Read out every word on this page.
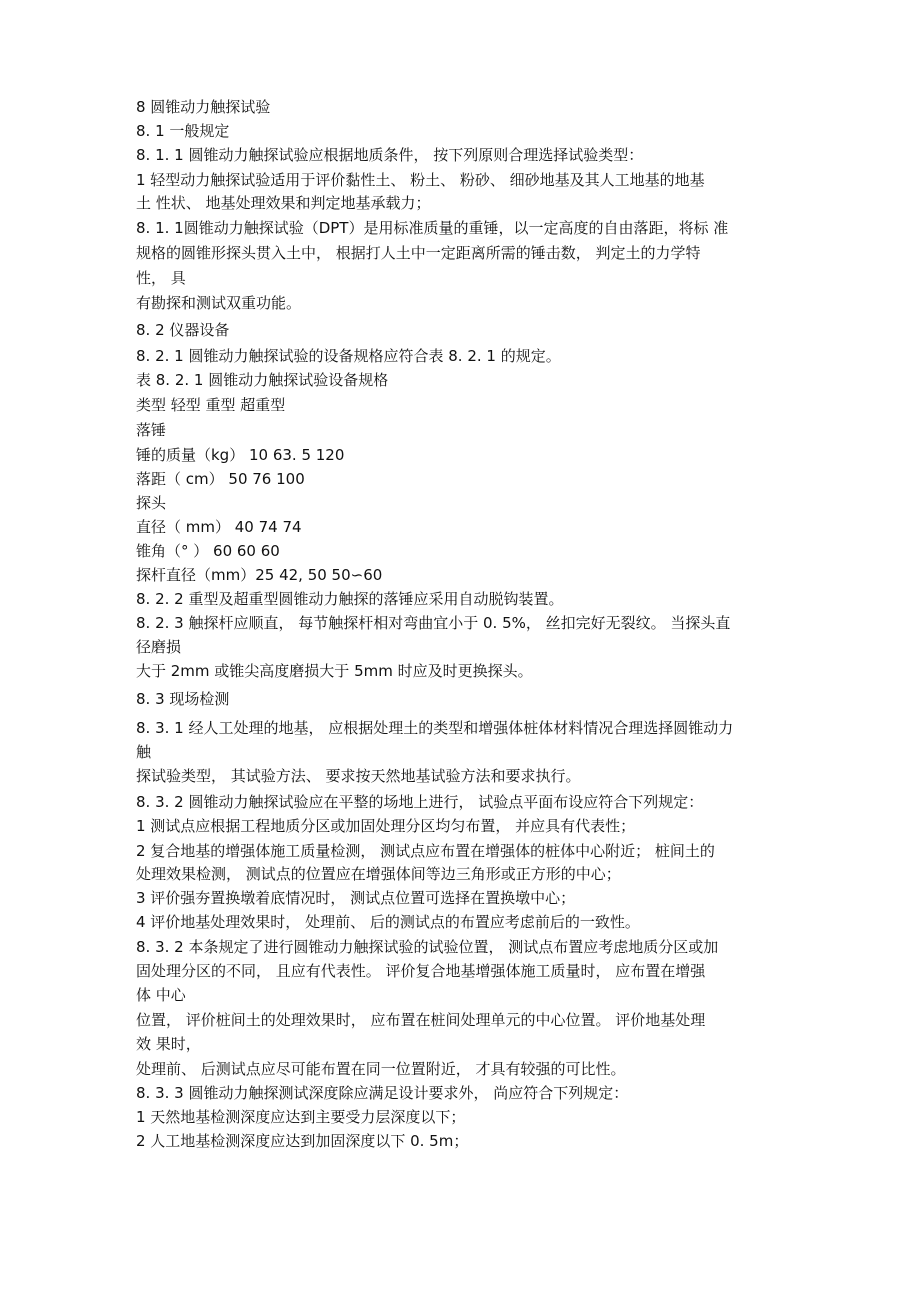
8 圆锥动力触探试验
8. 1 一般规定
8. 1. 1 圆锥动力触探试验应根据地质条件， 按下列原则合理选择试验类型：
1 轻型动力触探试验适用于评价黏性土、 粉土、 粉砂、 细砂地基及其人工地基的地基
土 性状、 地基处理效果和判定地基承载力；
8. 1. 1圆锥动力触探试验（DPT）是用标准质量的重锤，以一定高度的自由落距，将标 准
规格的圆锥形探头贯入土中， 根据打人土中一定距离所需的锤击数， 判定土的力学特
性， 具
有勘探和测试双重功能。
8. 2 仪器设备
8. 2. 1 圆锥动力触探试验的设备规格应符合表 8. 2. 1 的规定。
表 8. 2. 1 圆锥动力触探试验设备规格
类型 轻型 重型 超重型
落锤
锤的质量（kg） 10 63. 5 120
落距（ cm） 50 76 100
探头
直径（ mm） 40 74 74
锥角（° ） 60 60 60
探杆直径（mm）25 42, 50 50∽60
8. 2. 2 重型及超重型圆锥动力触探的落锤应采用自动脱钩装置。
8. 2. 3 触探杆应顺直， 每节触探杆相对弯曲宜小于 0. 5%， 丝扣完好无裂纹。 当探头直
径磨损
大于 2mm 或锥尖高度磨损大于 5mm 时应及时更换探头。
8. 3 现场检测
8. 3. 1 经人工处理的地基， 应根据处理土的类型和增强体桩体材料情况合理选择圆锥动力
触
探试验类型， 其试验方法、 要求按天然地基试验方法和要求执行。
8. 3. 2 圆锥动力触探试验应在平整的场地上进行， 试验点平面布设应符合下列规定：
1 测试点应根据工程地质分区或加固处理分区均匀布置， 并应具有代表性；
2 复合地基的增强体施工质量检测， 测试点应布置在增强体的桩体中心附近； 桩间土的
处理效果检测， 测试点的位置应在增强体间等边三角形或正方形的中心；
3 评价强夯置换墩着底情况时， 测试点位置可选择在置换墩中心；
4 评价地基处理效果时， 处理前、 后的测试点的布置应考虑前后的一致性。
8. 3. 2 本条规定了进行圆锥动力触探试验的试验位置， 测试点布置应考虑地质分区或加
固处理分区的不同， 且应有代表性。 评价复合地基增强体施工质量时， 应布置在增强
体 中心
位置， 评价桩间土的处理效果时， 应布置在桩间处理单元的中心位置。 评价地基处理
效 果时，
处理前、 后测试点应尽可能布置在同一位置附近， 才具有较强的可比性。
8. 3. 3 圆锥动力触探测试深度除应满足设计要求外， 尚应符合下列规定：
1 天然地基检测深度应达到主要受力层深度以下；
2 人工地基检测深度应达到加固深度以下 0. 5m；
